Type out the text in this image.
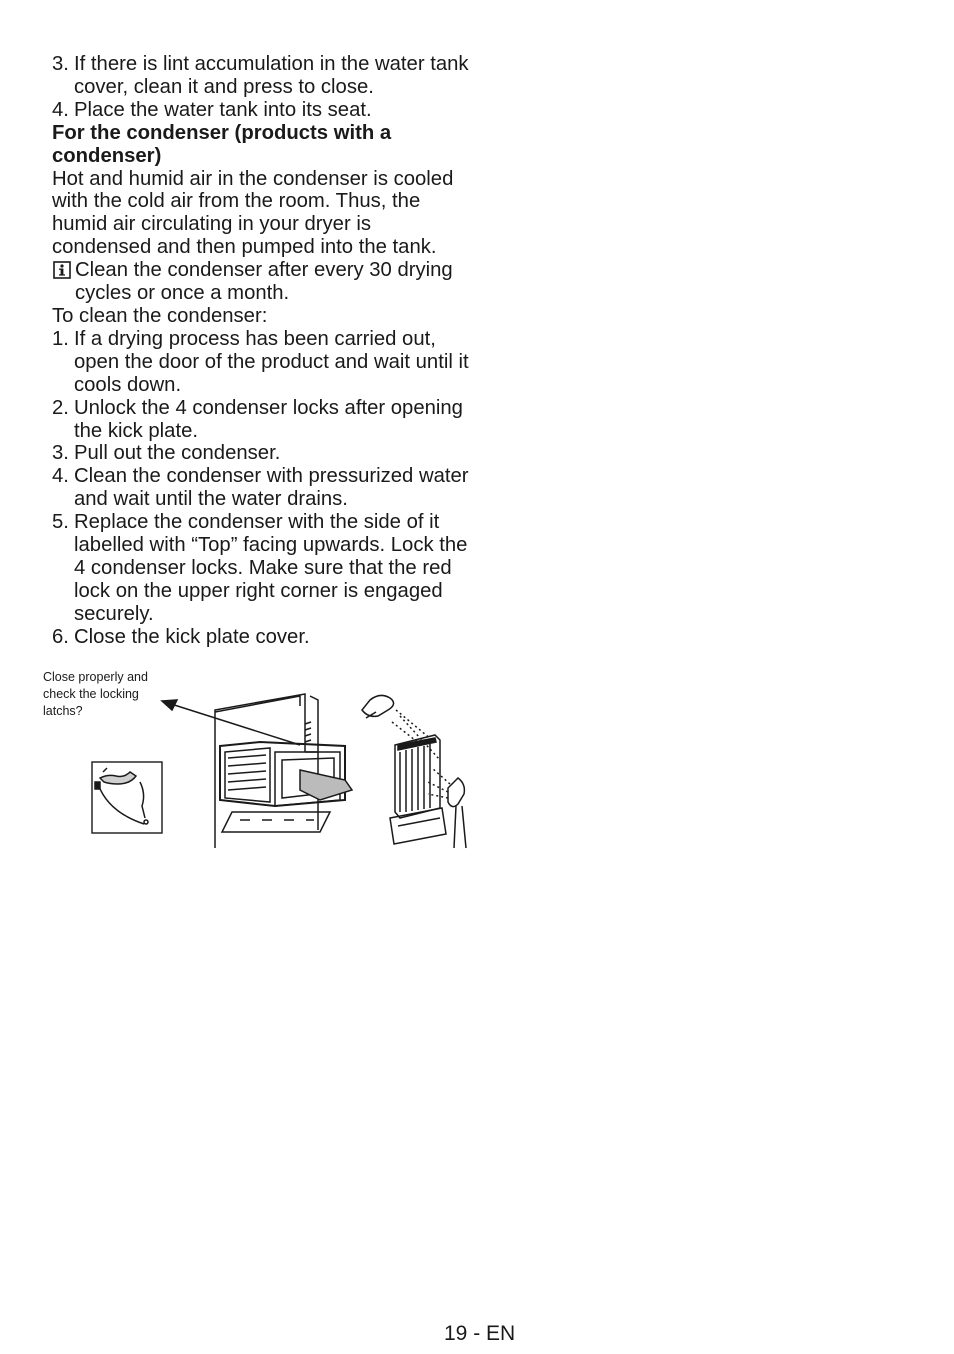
3. If there is lint accumulation in the water tank cover, clean it and press to close.
4. Place the water tank into its seat.
For the condenser (products with a condenser)
Hot and humid air in the condenser is cooled with the cold air from the room. Thus, the humid air circulating in your dryer is condensed and then pumped into the tank.
Clean the condenser after every 30 drying cycles or once a month.
To clean the condenser:
1. If a drying process has been carried out, open the door of the product and wait until it cools down.
2. Unlock the 4 condenser locks after opening the kick plate.
3. Pull out the condenser.
4. Clean the condenser with pressurized water and wait until the water drains.
5. Replace the condenser with the side of it labelled with “Top” facing upwards. Lock the 4 condenser locks. Make sure that the red lock on the upper right corner is engaged securely.
6. Close the kick plate cover.
Close properly and check the locking latchs?
19 - EN
